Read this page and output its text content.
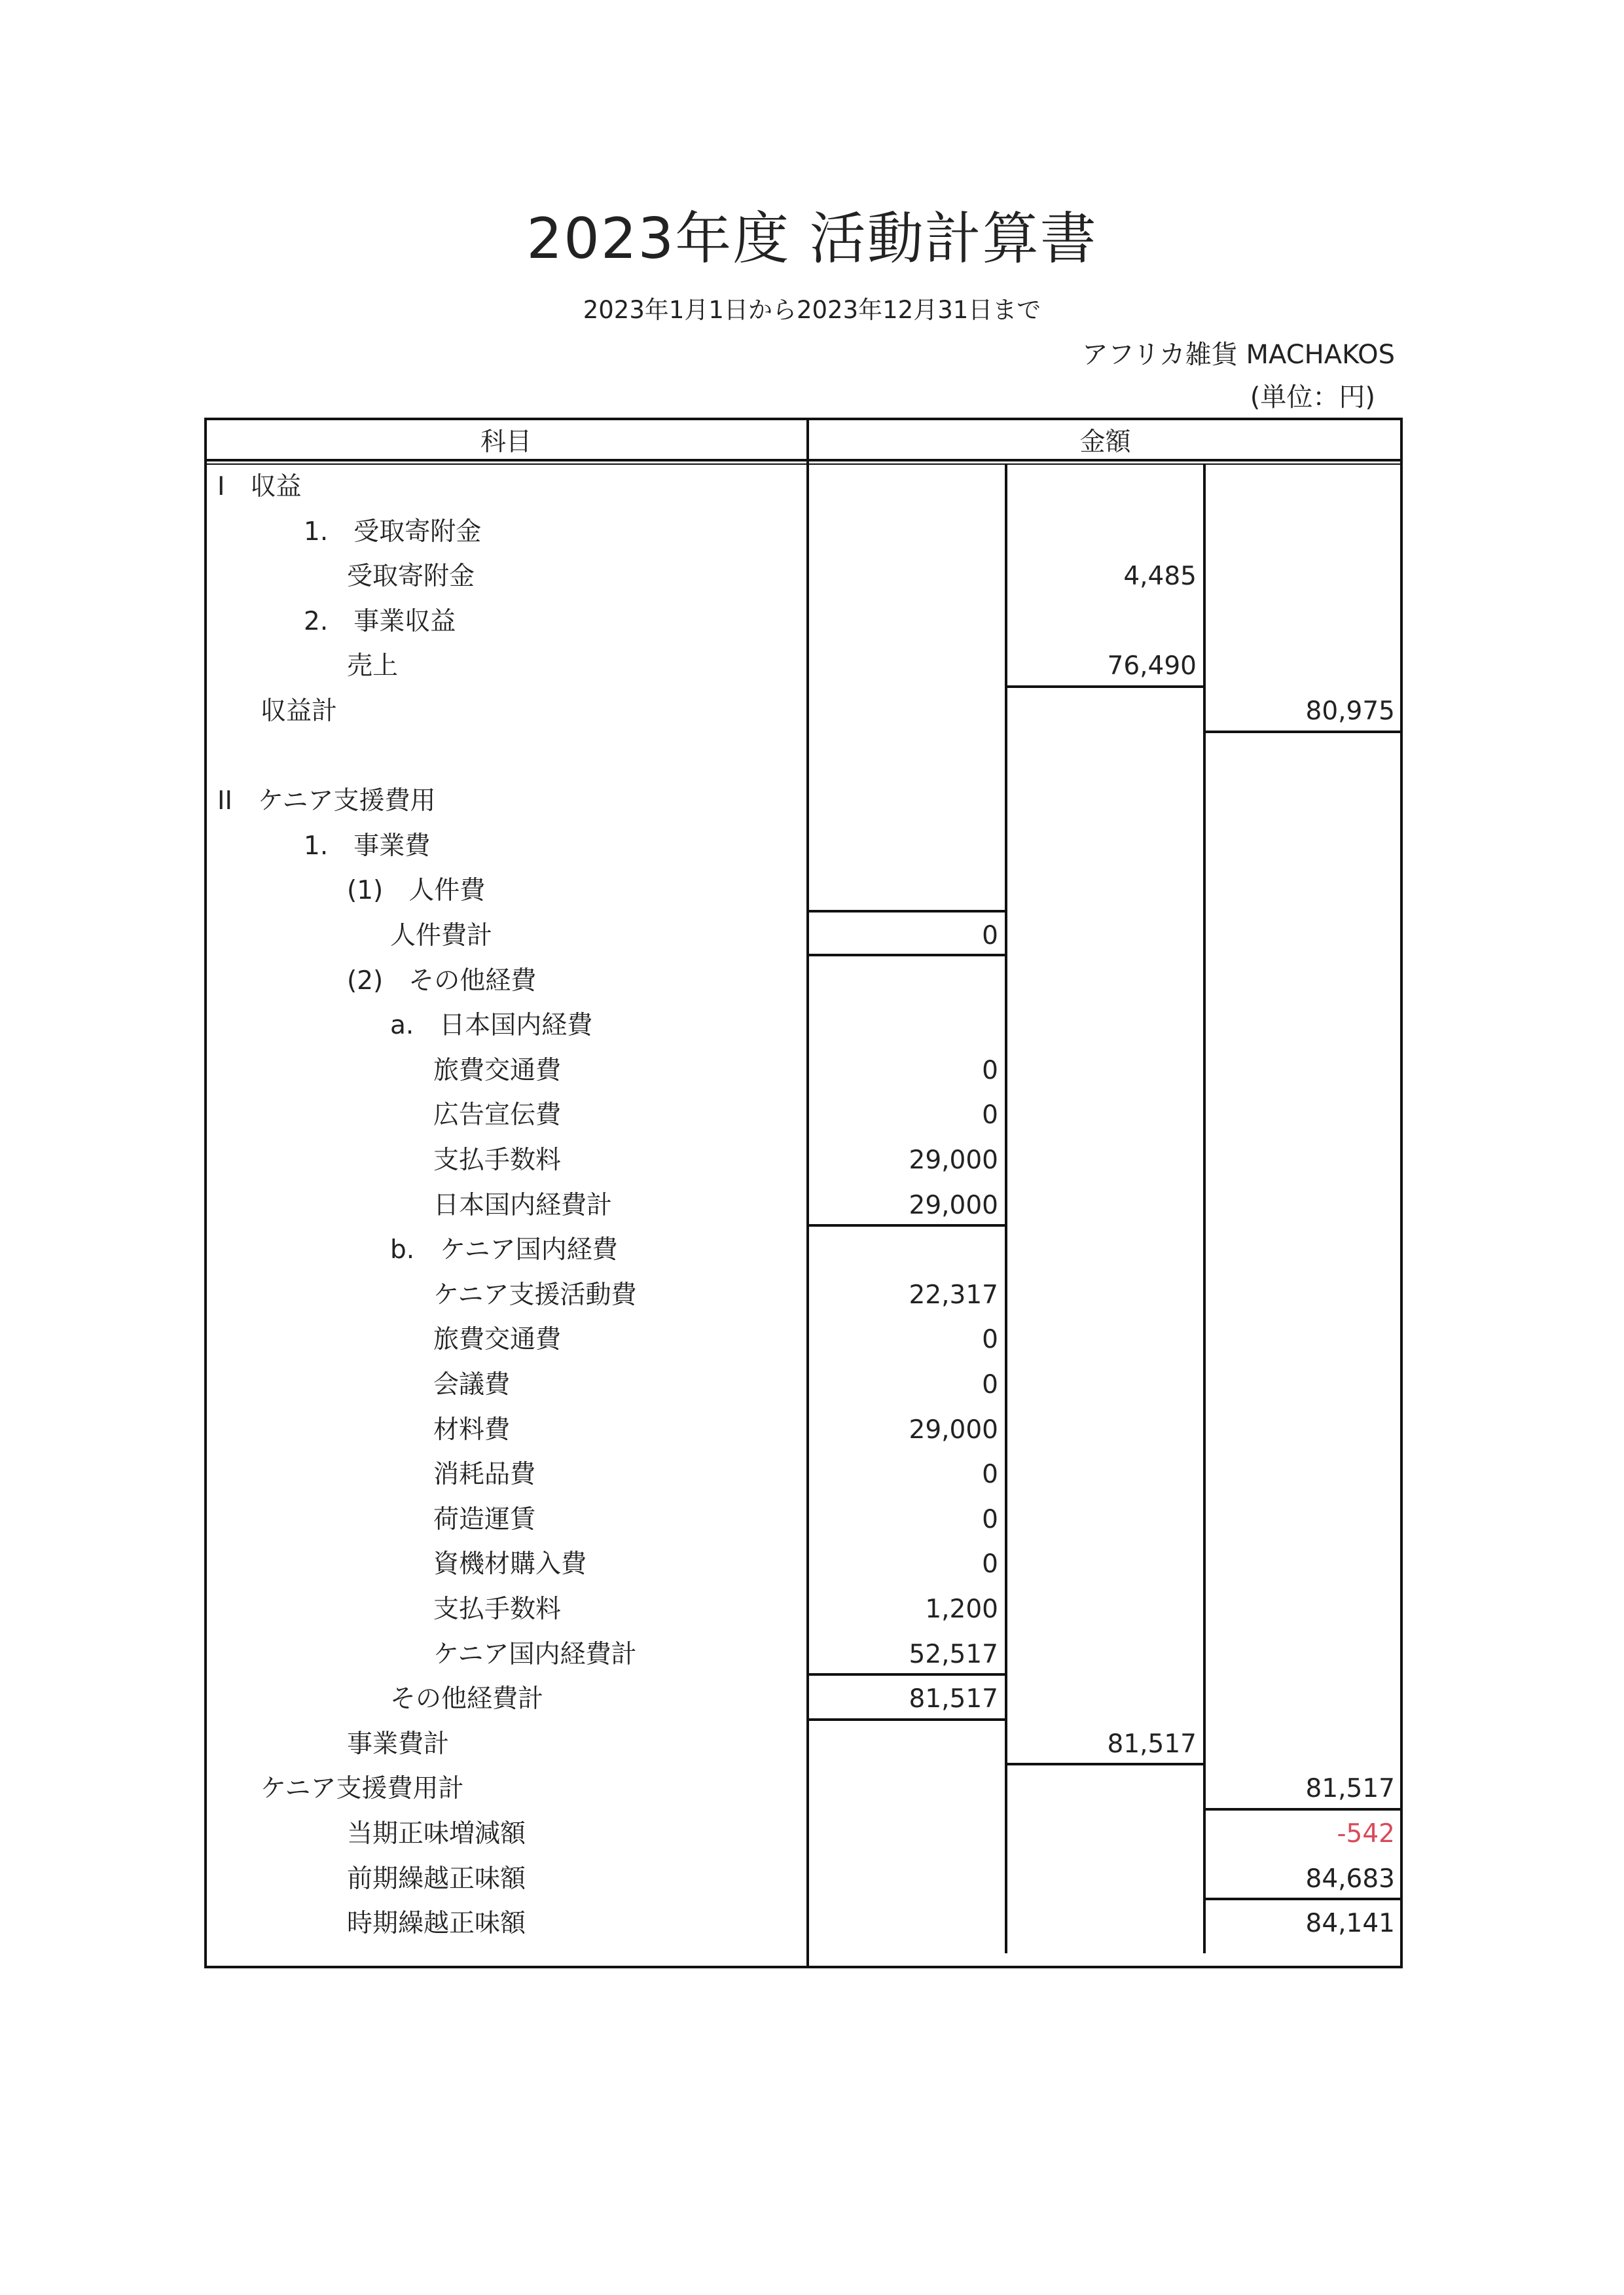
2023年度 活動計算書
2023年1月1日から2023年12月31日まで
アフリカ雑貨 MACHAKOS
(単位：円)
科目	金額
I　収益
1.　受取寄附金
受取寄附金	4,485
2.　事業収益
売上	76,490
収益計	80,975
II　ケニア支援費用
1.　事業費
(1)　人件費
人件費計	0
(2)　その他経費
a.　日本国内経費
旅費交通費	0
広告宣伝費	0
支払手数料	29,000
日本国内経費計	29,000
b.　ケニア国内経費
ケニア支援活動費	22,317
旅費交通費	0
会議費	0
材料費	29,000
消耗品費	0
荷造運賃	0
資機材購入費	0
支払手数料	1,200
ケニア国内経費計	52,517
その他経費計	81,517
事業費計	81,517
ケニア支援費用計	81,517
当期正味増減額	-542
前期繰越正味額	84,683
時期繰越正味額	84,141
